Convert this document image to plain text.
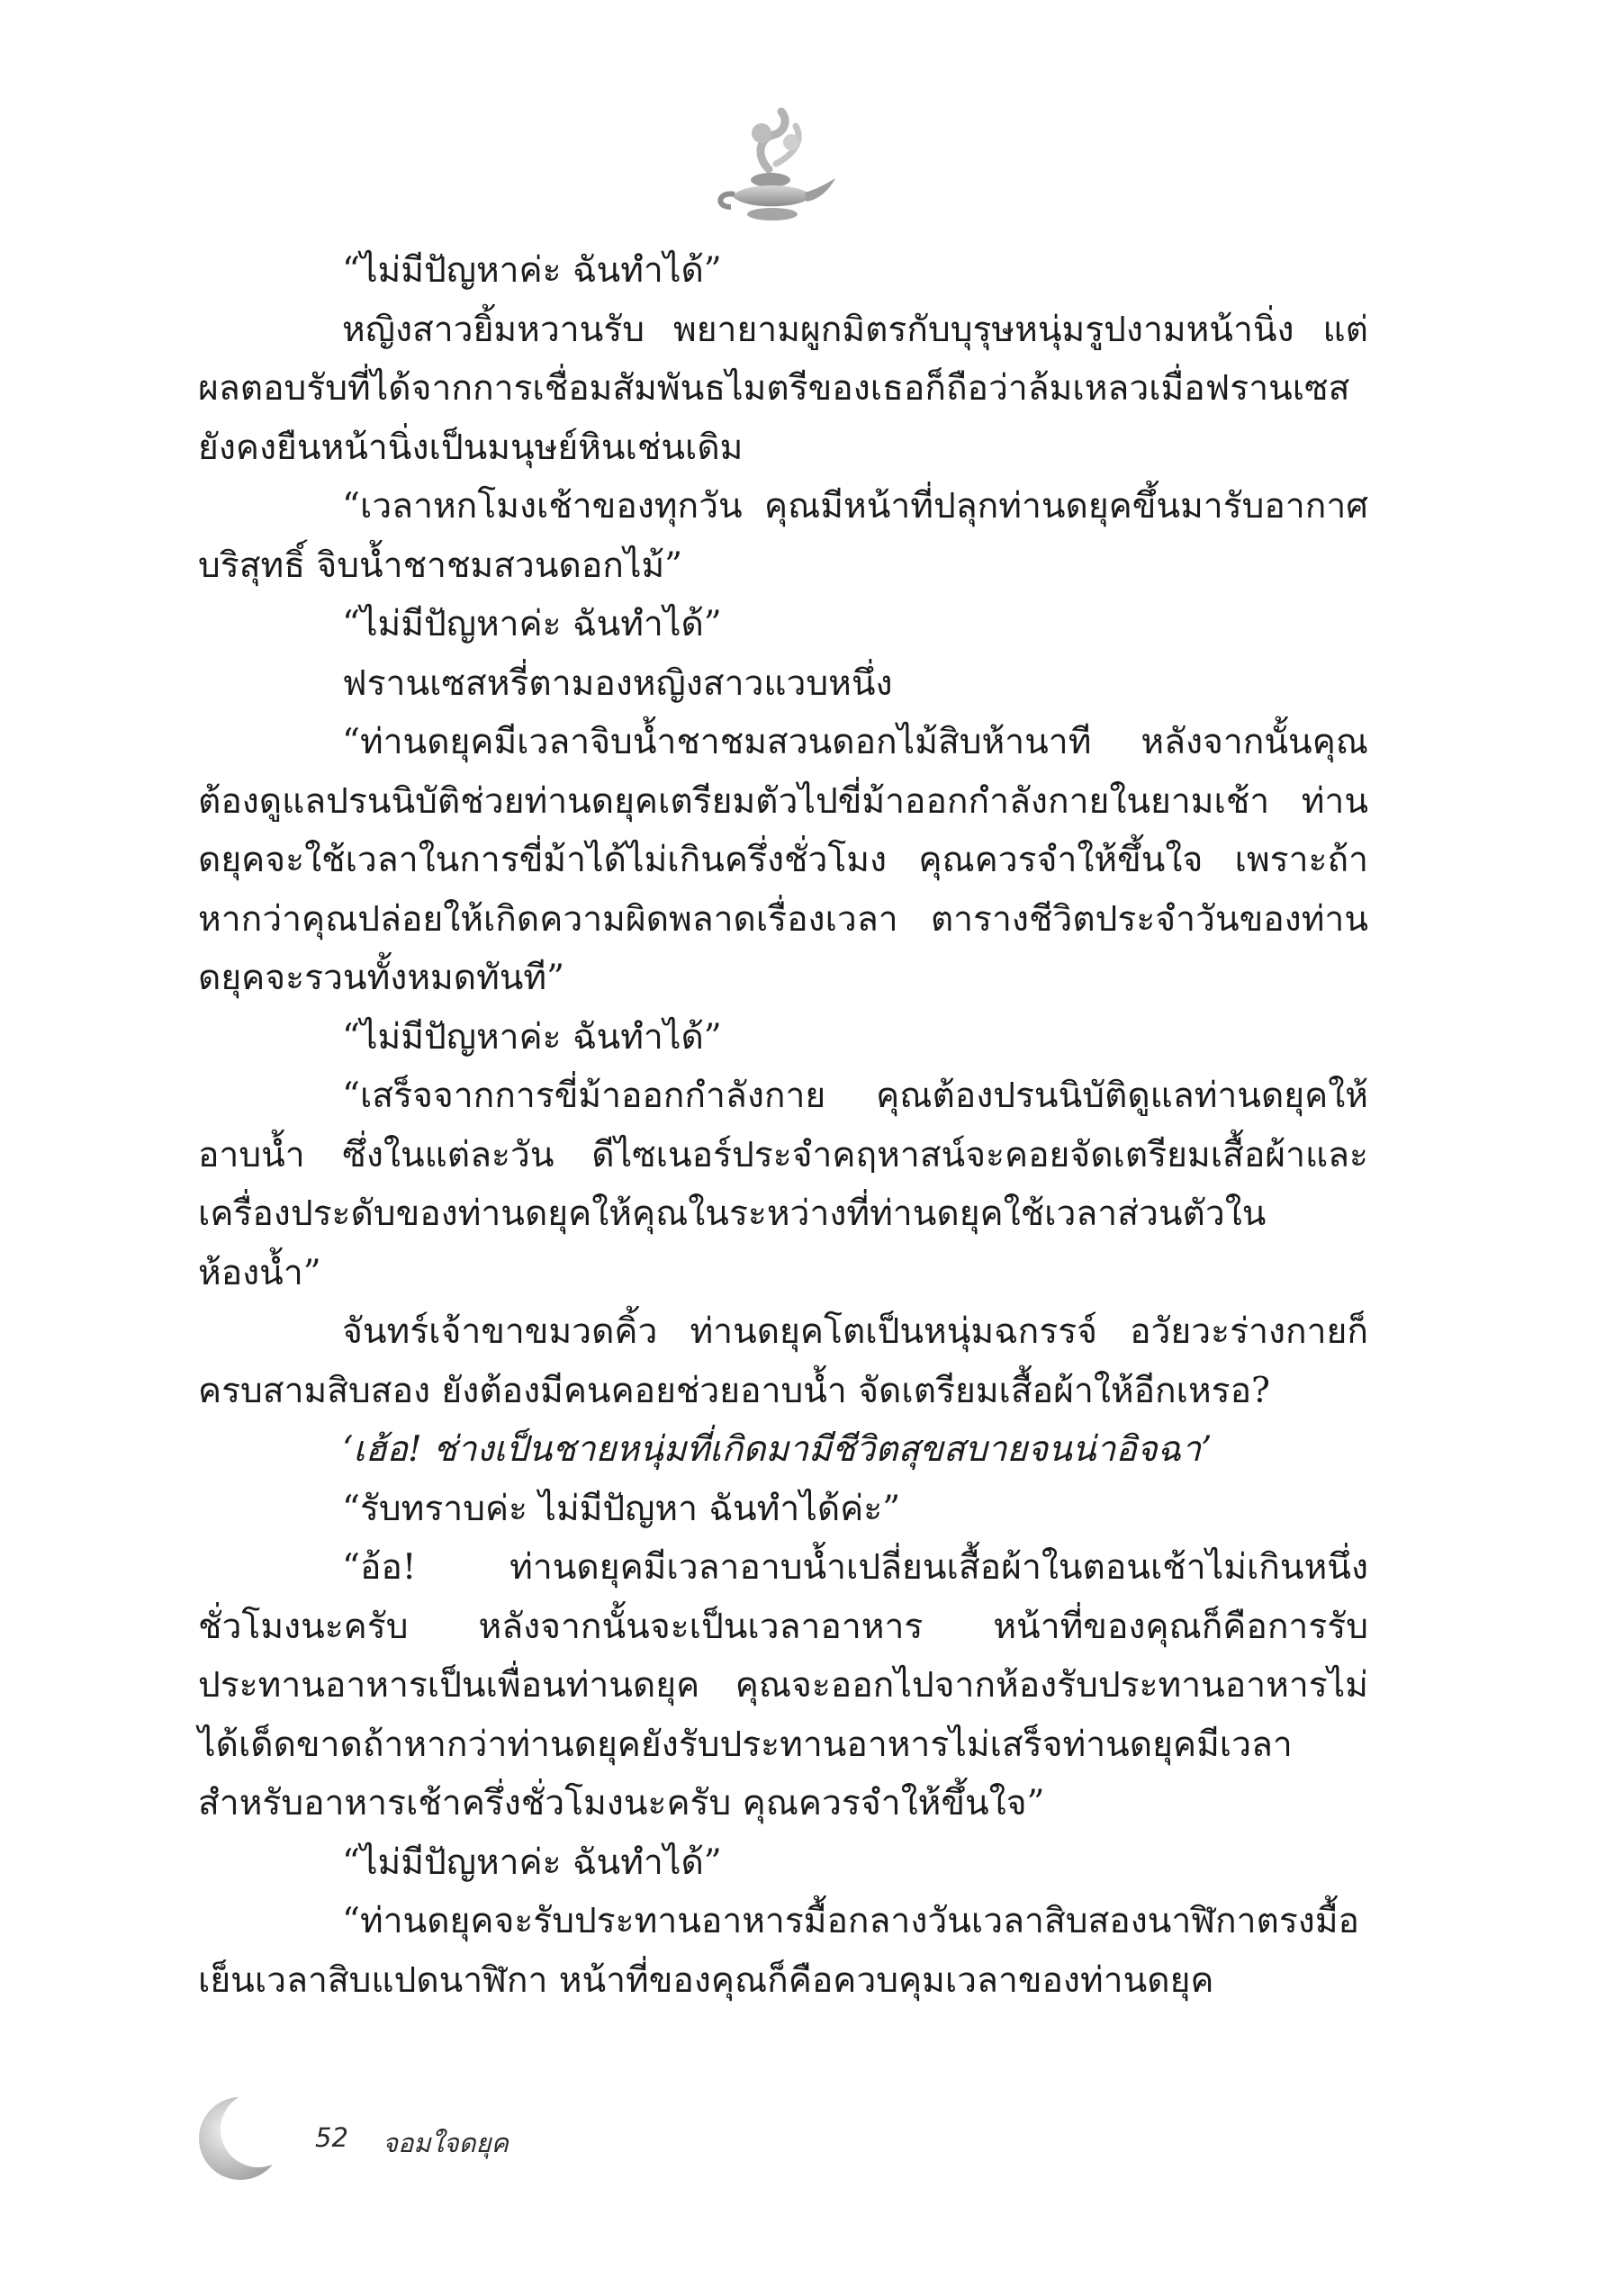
“ไม่มีปัญหาค่ะ ฉันทำได้”

หญิงสาวยิ้มหวานรับ พยายามผูกมิตรกับบุรุษหนุ่มรูปงามหน้านิ่ง แต่ผลตอบรับที่ได้จากการเชื่อมสัมพันธไมตรีของเธอก็ถือว่าล้มเหลวเมื่อฟรานเซสยังคงยืนหน้านิ่งเป็นมนุษย์หินเช่นเดิม

“เวลาหกโมงเช้าของทุกวัน คุณมีหน้าที่ปลุกท่านดยุคขึ้นมารับอากาศบริสุทธิ์ จิบน้ำชาชมสวนดอกไม้”

“ไม่มีปัญหาค่ะ ฉันทำได้”

ฟรานเซสหรี่ตามองหญิงสาวแวบหนึ่ง

“ท่านดยุคมีเวลาจิบน้ำชาชมสวนดอกไม้สิบห้านาที หลังจากนั้นคุณต้องดูแลปรนนิบัติช่วยท่านดยุคเตรียมตัวไปขี่ม้าออกกำลังกายในยามเช้า ท่านดยุคจะใช้เวลาในการขี่ม้าได้ไม่เกินครึ่งชั่วโมง คุณควรจำให้ขึ้นใจ เพราะถ้าหากว่าคุณปล่อยให้เกิดความผิดพลาดเรื่องเวลา ตารางชีวิตประจำวันของท่านดยุคจะรวนทั้งหมดทันที”

“ไม่มีปัญหาค่ะ ฉันทำได้”

“เสร็จจากการขี่ม้าออกกำลังกาย คุณต้องปรนนิบัติดูแลท่านดยุคให้อาบน้ำ ซึ่งในแต่ละวัน ดีไซเนอร์ประจำคฤหาสน์จะคอยจัดเตรียมเสื้อผ้าและเครื่องประดับของท่านดยุคให้คุณในระหว่างที่ท่านดยุคใช้เวลาส่วนตัวในห้องน้ำ”

จันทร์เจ้าขาขมวดคิ้ว ท่านดยุคโตเป็นหนุ่มฉกรรจ์ อวัยวะร่างกายก็ครบสามสิบสอง ยังต้องมีคนคอยช่วยอาบน้ำ จัดเตรียมเสื้อผ้าให้อีกเหรอ?

‘เฮ้อ! ช่างเป็นชายหนุ่มที่เกิดมามีชีวิตสุขสบายจนน่าอิจฉา’

“รับทราบค่ะ ไม่มีปัญหา ฉันทำได้ค่ะ”

“อ้อ! ท่านดยุคมีเวลาอาบน้ำเปลี่ยนเสื้อผ้าในตอนเช้าไม่เกินหนึ่งชั่วโมงนะครับ หลังจากนั้นจะเป็นเวลาอาหาร หน้าที่ของคุณก็คือการรับประทานอาหารเป็นเพื่อนท่านดยุค คุณจะออกไปจากห้องรับประทานอาหารไม่ได้เด็ดขาดถ้าหากว่าท่านดยุคยังรับประทานอาหารไม่เสร็จท่านดยุคมีเวลาสำหรับอาหารเช้าครึ่งชั่วโมงนะครับ คุณควรจำให้ขึ้นใจ”

“ไม่มีปัญหาค่ะ ฉันทำได้”

“ท่านดยุคจะรับประทานอาหารมื้อกลางวันเวลาสิบสองนาฬิกาตรงมื้อเย็นเวลาสิบแปดนาฬิกา หน้าที่ของคุณก็คือควบคุมเวลาของท่านดยุค

52 จอมใจดยุค
